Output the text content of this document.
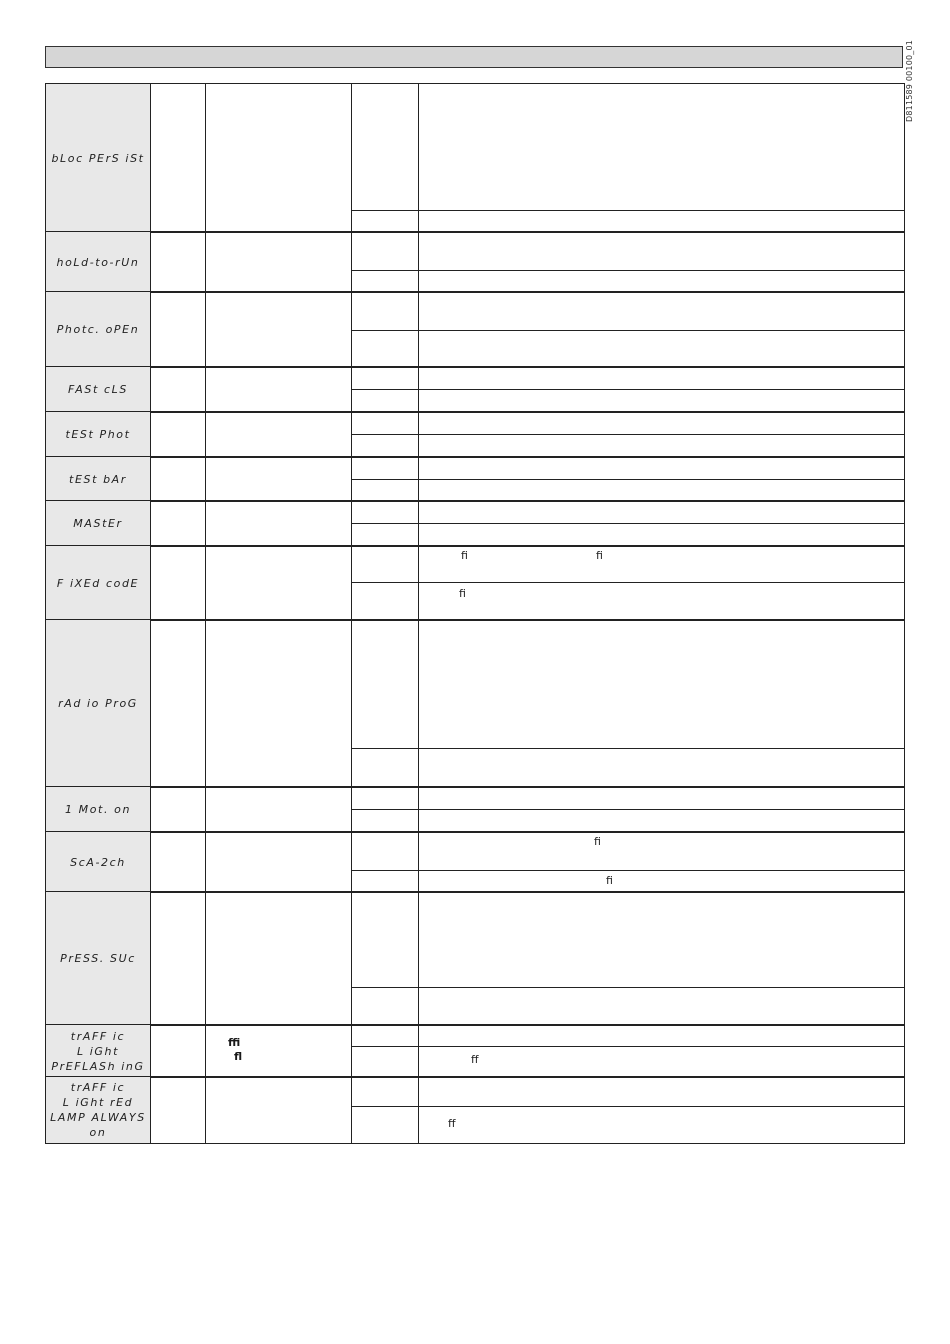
D811589 00100_01
bLoc PErS iSt
hoLd-to-rUn
Photc. oPEn
FASt cLS
tESt Phot
tESt bAr
MAStEr
F iXEd codE
ﬁ	ﬁ
ﬁ
rAd io ProG
1 Mot. on
ScA-2ch
ﬁ
ﬁ
PrESS. SUc
trAFF ic
L iGht
PrEFLASh inG
ﬃ
ﬂ	ﬀ
trAFF ic
L iGht rEd
LAMP ALWAYS
on
ﬀ
